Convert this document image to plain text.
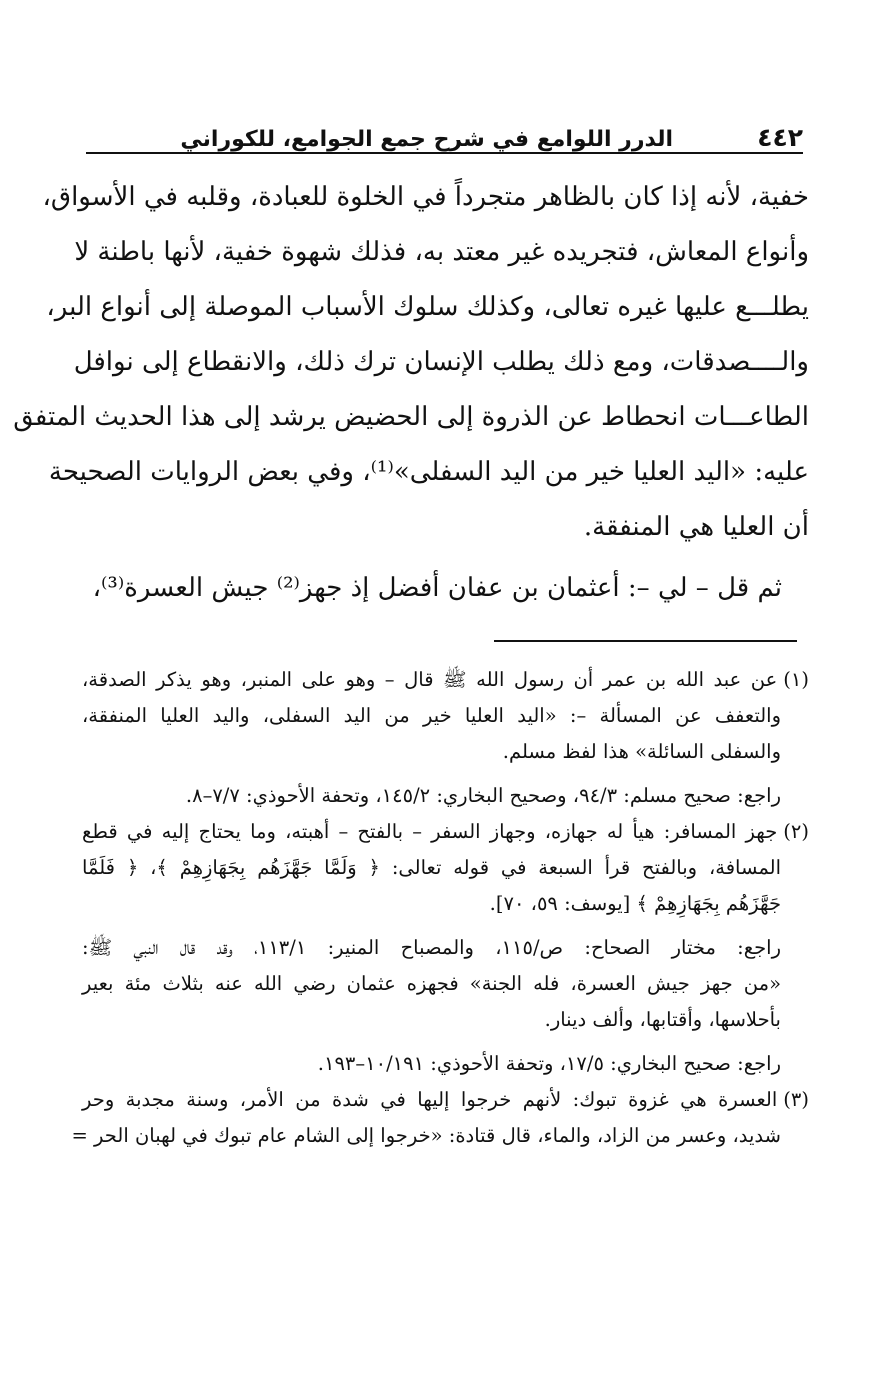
٤٤٢
الدرر اللوامع في شرح جمع الجوامع، للكوراني
خفية، لأنه إذا كان بالظاهر متجرداً في الخلوة للعبادة، وقلبه في الأسواق،
وأنواع المعاش، فتجريده غير معتد به، فذلك شهوة خفية، لأنها باطنة لا
يطلـــع عليها غيره تعالى، وكذلك سلوك الأسباب الموصلة إلى أنواع البر،
والــــصدقات، ومع ذلك يطلب الإنسان ترك ذلك، والانقطاع إلى نوافل
الطاعـــات انحطاط عن الذروة إلى الحضيض يرشد إلى هذا الحديث المتفق
عليه: «اليد العليا خير من اليد السفلى»⁽¹⁾، وفي بعض الروايات الصحيحة
أن العليا هي المنفقة.
ثم قل – لي –: أعثمان بن عفان أفضل إذ جهز⁽²⁾ جيش العسرة⁽³⁾،
(١)عن عبد الله بن عمر أن رسول الله ﷺ قال – وهو على المنبر، وهو يذكر الصدقة،
والتعفف عن المسألة –: «اليد العليا خير من اليد السفلى، واليد العليا المنفقة،
والسفلى السائلة» هذا لفظ مسلم.
راجع: صحيح مسلم: ٩٤/٣، وصحيح البخاري: ١٤٥/٢، وتحفة الأحوذي: ٧/٧–٨.
(٢)جهز المسافر: هيأ له جهازه، وجهاز السفر – بالفتح – أهبته، وما يحتاج إليه في قطع
المسافة، وبالفتح قرأ السبعة في قوله تعالى: ﴿ وَلَمَّا جَهَّزَهُم بِجَهَازِهِمْ ﴾، ﴿ فَلَمَّا
جَهَّزَهُم بِجَهَازِهِمْ ﴾ [يوسف: ٥٩، ٧٠].
راجع: مختار الصحاح: ص/١١٥، والمصباح المنير: ١١٣/١، وقد قال النبي ﷺ:
«من جهز جيش العسرة، فله الجنة» فجهزه عثمان رضي الله عنه بثلاث مئة بعير
بأحلاسها، وأقتابها، وألف دينار.
راجع: صحيح البخاري: ١٧/٥، وتحفة الأحوذي: ١٠/١٩١–١٩٣.
(٣)العسرة هي غزوة تبوك: لأنهم خرجوا إليها في شدة من الأمر، وسنة مجدبة وحر
شديد، وعسر من الزاد، والماء، قال قتادة: «خرجوا إلى الشام عام تبوك في لهبان الحر =
